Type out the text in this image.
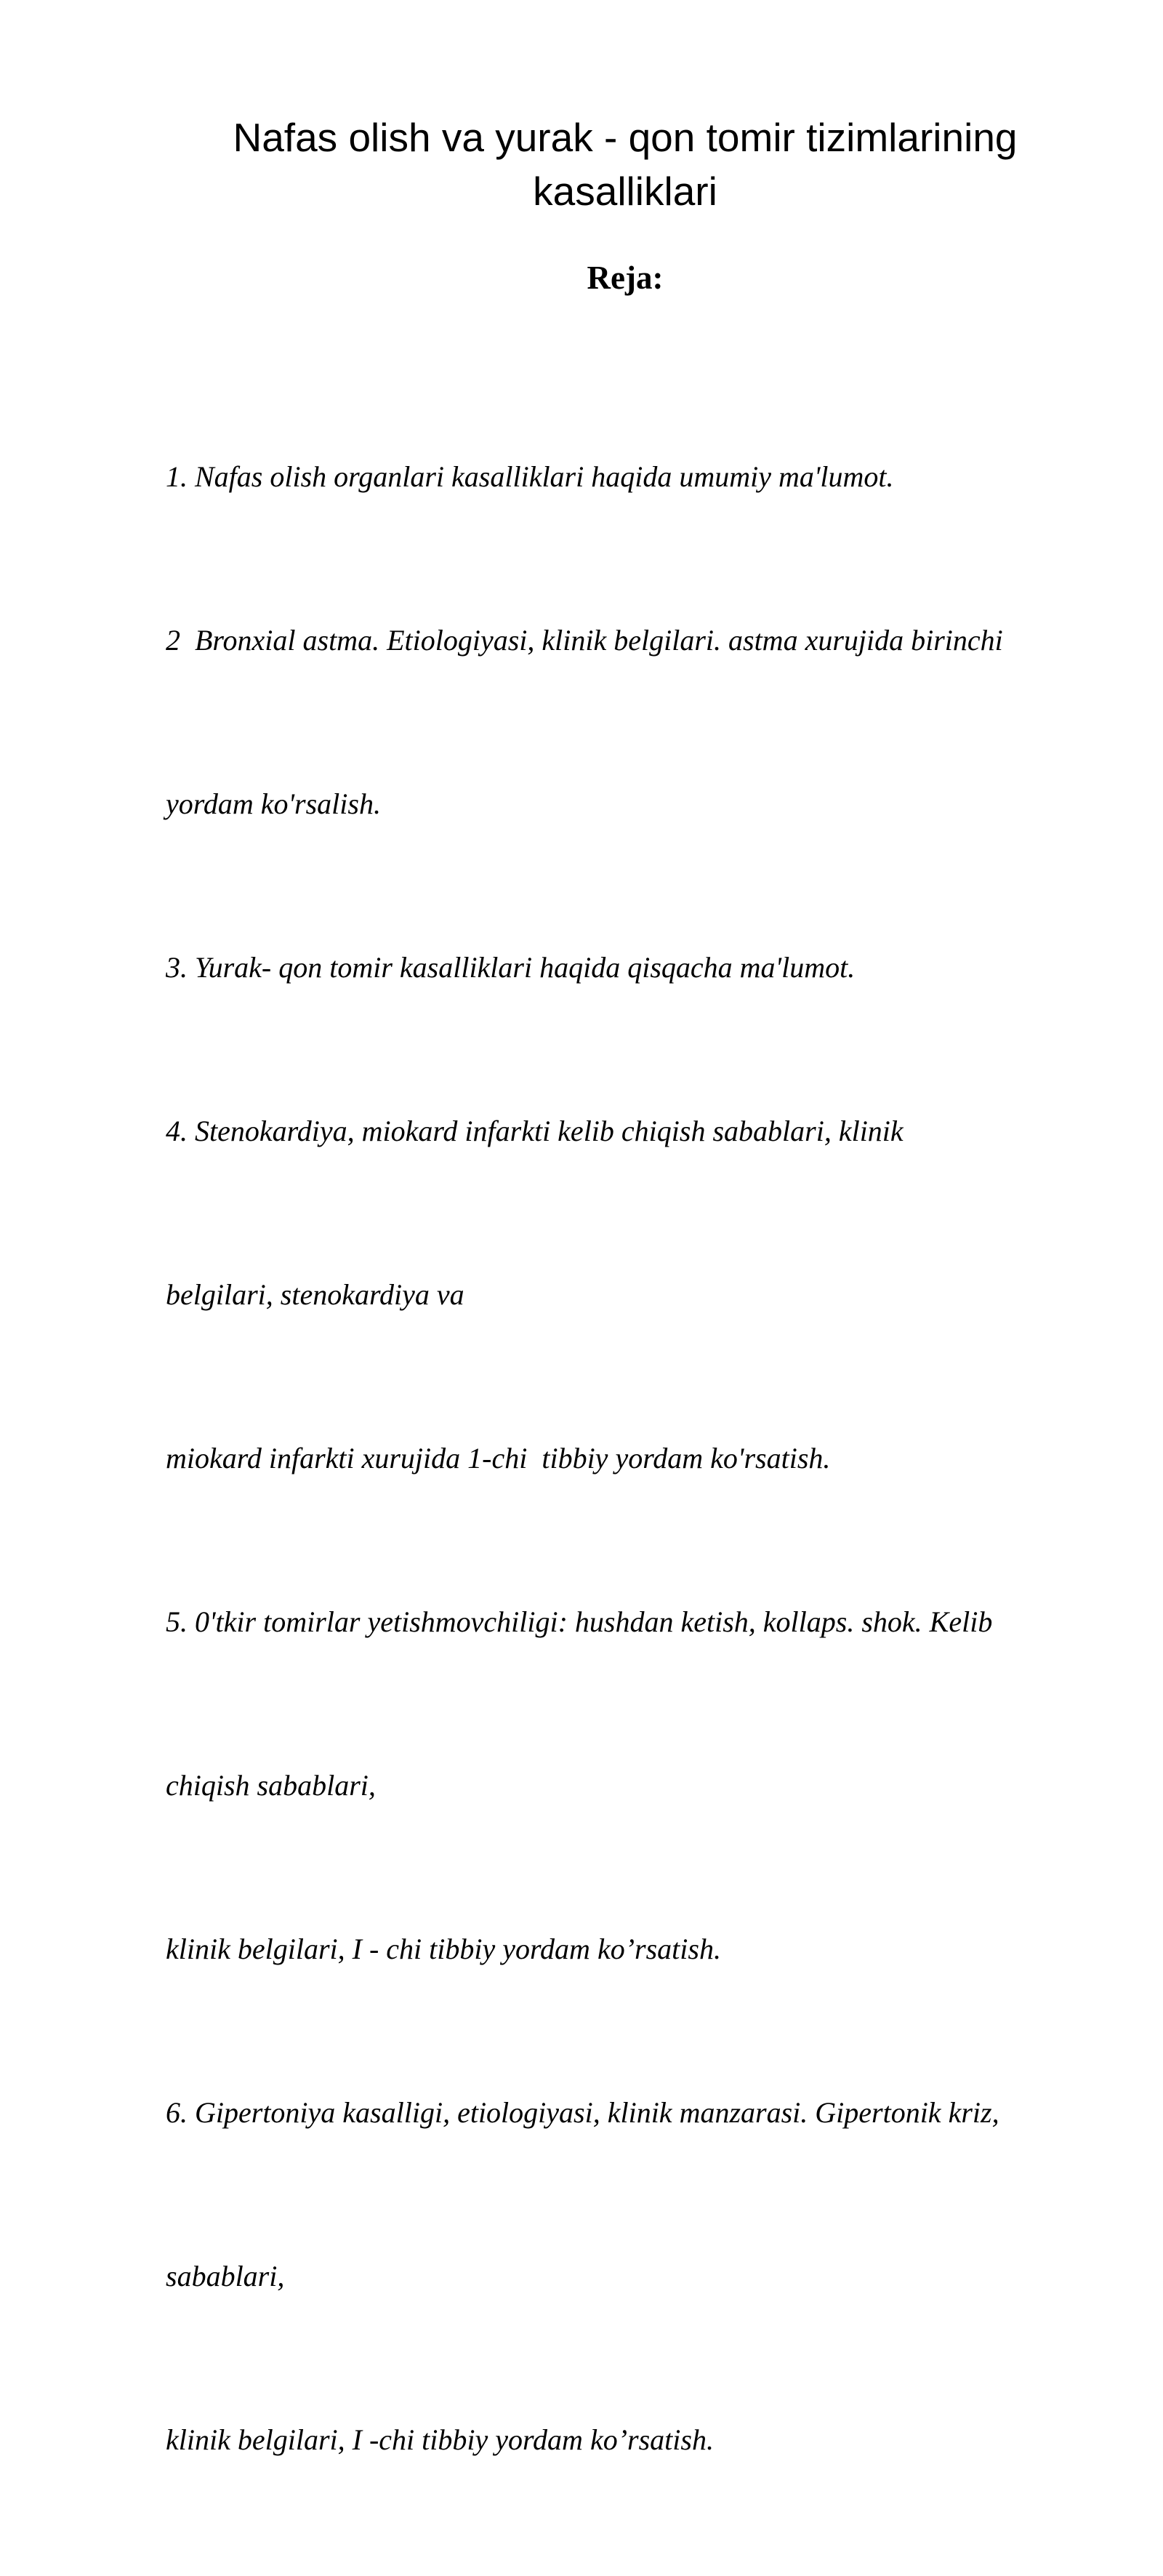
Nafas olish va yurak - qon tomir tizimlarining
kasalliklari
Reja:

1. Nafas olish organlari kasalliklari haqida umumiy ma'lumot.

2  Bronxial astma. Etiologiyasi, klinik belgilari. astma xurujida birinchi

yordam ko'rsalish.

3. Yurak- qon tomir kasalliklari haqida qisqacha ma'lumot.

4. Stenokardiya, miokard infarkti kelib chiqish sabablari, klinik

belgilari, stenokardiya va

miokard infarkti xurujida 1-chi  tibbiy yordam ko'rsatish.

5. 0'tkir tomirlar yetishmovchiligi: hushdan ketish, kollaps. shok. Kelib

chiqish sabablari,

klinik belgilari, I - chi tibbiy yordam ko’rsatish.

6. Gipertoniya kasalligi, etiologiyasi, klinik manzarasi. Gipertonik kriz,

sabablari,

klinik belgilari, I -chi tibbiy yordam ko’rsatish.
